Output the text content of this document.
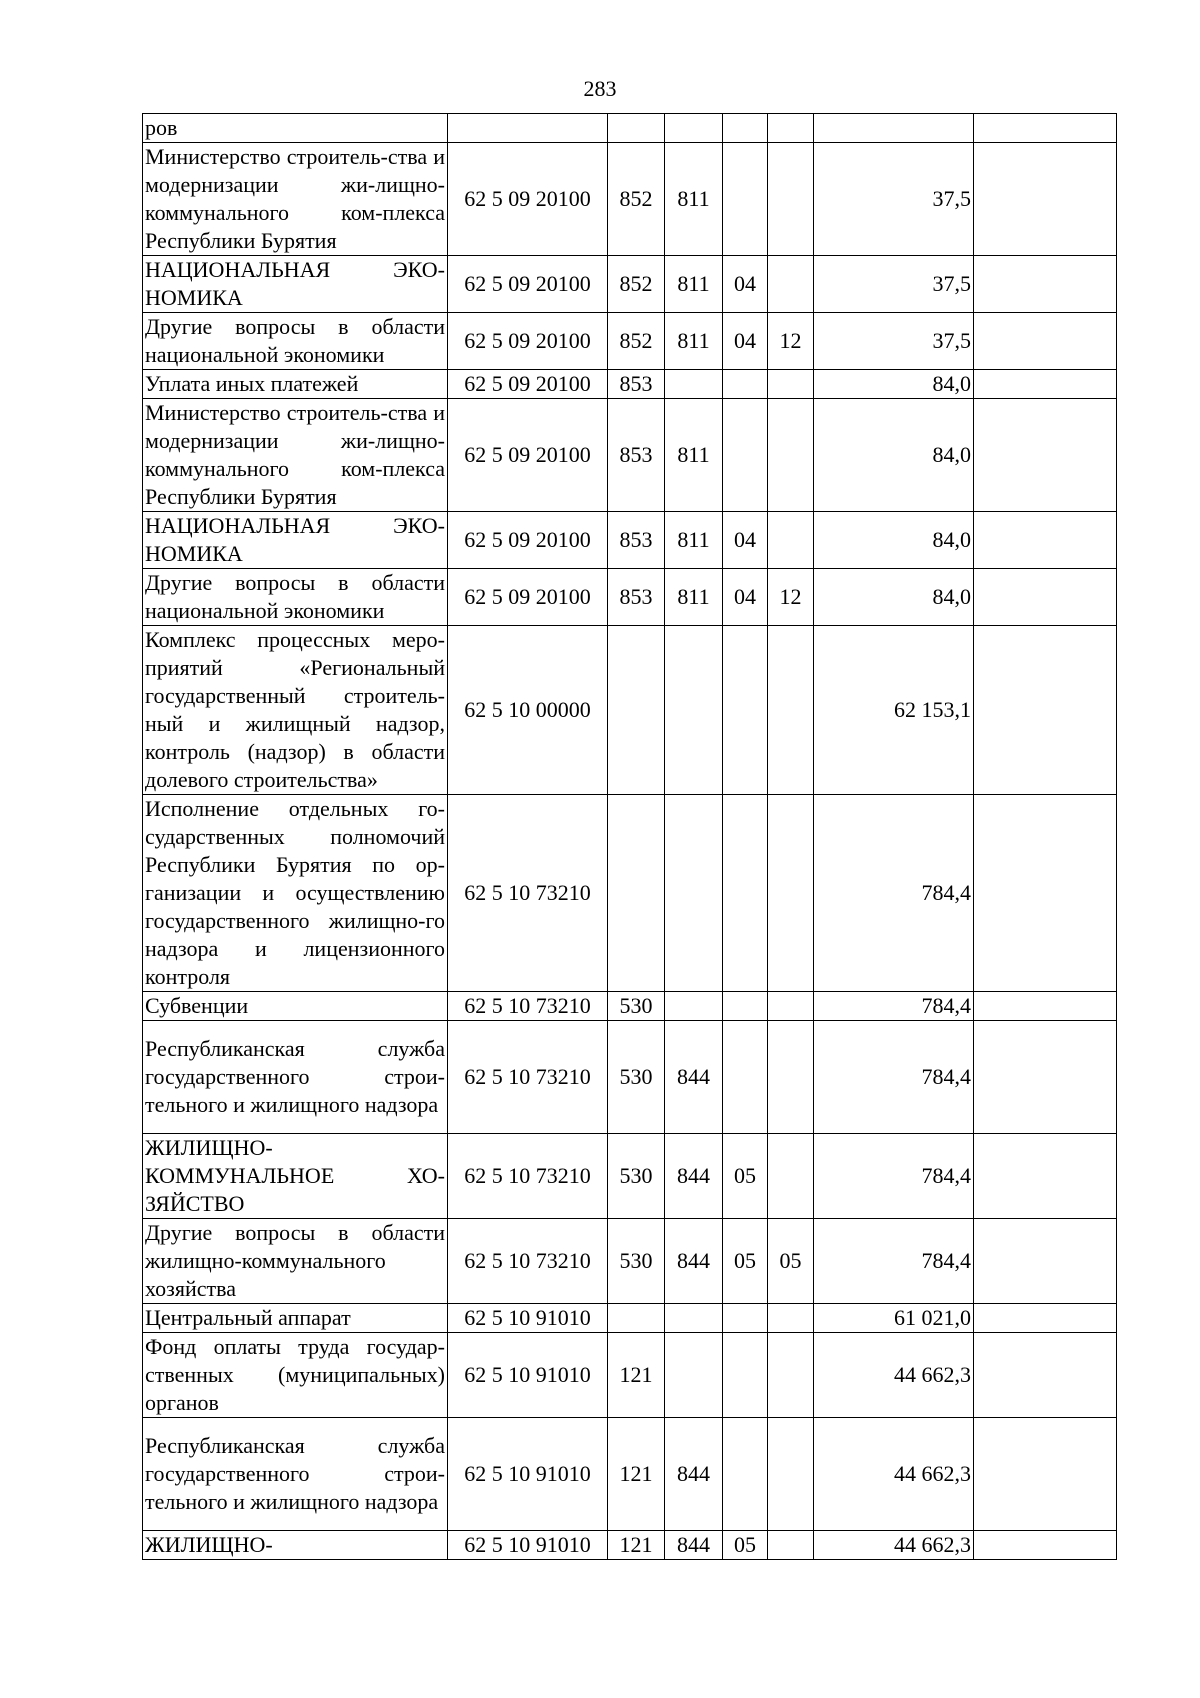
283
ров							
Министерство строитель-ства и модернизации жи-лищно-коммунального ком-плекса Республики Бурятия	62 5 09 20100	852	811			37,5	
НАЦИОНАЛЬНАЯ ЭКО-НОМИКА	62 5 09 20100	852	811	04		37,5	
Другие вопросы в области национальной экономики	62 5 09 20100	852	811	04	12	37,5	
Уплата иных платежей	62 5 09 20100	853				84,0	
Министерство строитель-ства и модернизации жи-лищно-коммунального ком-плекса Республики Бурятия	62 5 09 20100	853	811			84,0	
НАЦИОНАЛЬНАЯ ЭКО-НОМИКА	62 5 09 20100	853	811	04		84,0	
Другие вопросы в области национальной экономики	62 5 09 20100	853	811	04	12	84,0	
Комплекс процессных меро-приятий «Региональный государственный строитель-ный и жилищный надзор, контроль (надзор) в области долевого строительства»	62 5 10 00000					62 153,1	
Исполнение отдельных го-сударственных полномочий Республики Бурятия по ор-ганизации и осуществлению государственного жилищно-го надзора и лицензионного контроля	62 5 10 73210					784,4	
Субвенции	62 5 10 73210	530				784,4	
Республиканская служба государственного строи-тельного и жилищного надзора	62 5 10 73210	530	844			784,4	
ЖИЛИЩНО-КОММУНАЛЬНОЕ ХО-ЗЯЙСТВО	62 5 10 73210	530	844	05		784,4	
Другие вопросы в области жилищно-коммунального хозяйства	62 5 10 73210	530	844	05	05	784,4	
Центральный аппарат	62 5 10 91010					61 021,0	
Фонд оплаты труда государ-ственных (муниципальных) органов	62 5 10 91010	121				44 662,3	
Республиканская служба государственного строи-тельного и жилищного надзора	62 5 10 91010	121	844			44 662,3	
ЖИЛИЩНО-	62 5 10 91010	121	844	05		44 662,3	
